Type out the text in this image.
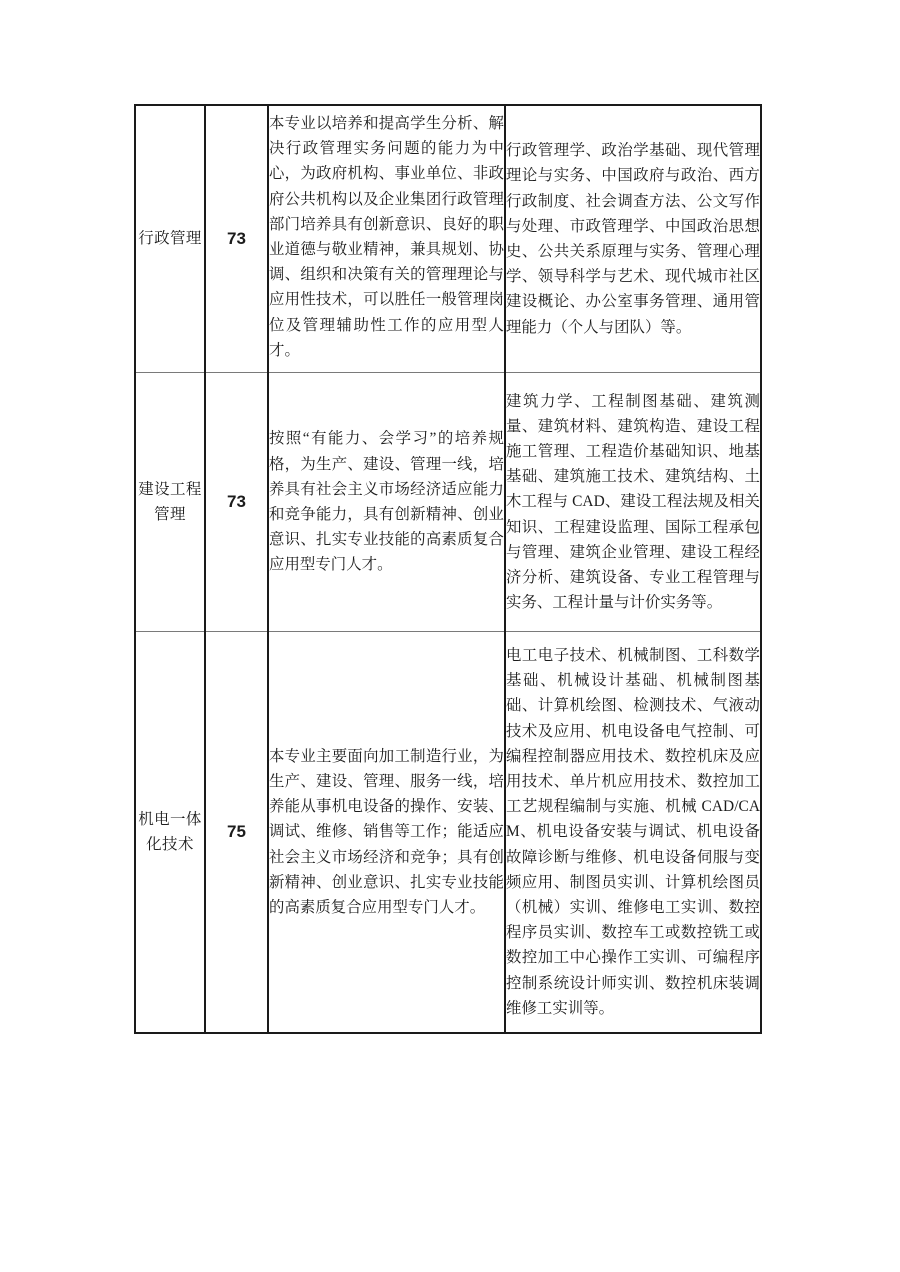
行政管理	73	本专业以培养和提高学生分析、解决行政管理实务问题的能力为中心，为政府机构、事业单位、非政府公共机构以及企业集团行政管理部门培养具有创新意识、良好的职业道德与敬业精神，兼具规划、协调、组织和决策有关的管理理论与应用性技术，可以胜任一般管理岗位及管理辅助性工作的应用型人才。	行政管理学、政治学基础、现代管理理论与实务、中国政府与政治、西方行政制度、社会调查方法、公文写作与处理、市政管理学、中国政治思想史、公共关系原理与实务、管理心理学、领导科学与艺术、现代城市社区建设概论、办公室事务管理、通用管理能力（个人与团队）等。

建设工程管理	73	按照“有能力、会学习”的培养规格，为生产、建设、管理一线，培养具有社会主义市场经济适应能力和竞争能力，具有创新精神、创业意识、扎实专业技能的高素质复合应用型专门人才。	建筑力学、工程制图基础、建筑测量、建筑材料、建筑构造、建设工程施工管理、工程造价基础知识、地基基础、建筑施工技术、建筑结构、土木工程与 CAD、建设工程法规及相关知识、工程建设监理、国际工程承包与管理、建筑企业管理、建设工程经济分析、建筑设备、专业工程管理与实务、工程计量与计价实务等。

机电一体化技术	75	本专业主要面向加工制造行业，为生产、建设、管理、服务一线，培养能从事机电设备的操作、安装、调试、维修、销售等工作；能适应社会主义市场经济和竞争；具有创新精神、创业意识、扎实专业技能的高素质复合应用型专门人才。	电工电子技术、机械制图、工科数学基础、机械设计基础、机械制图基础、计算机绘图、检测技术、气液动技术及应用、机电设备电气控制、可编程控制器应用技术、数控机床及应用技术、单片机应用技术、数控加工工艺规程编制与实施、机械 CAD/CAM、机电设备安装与调试、机电设备故障诊断与维修、机电设备伺服与变频应用、制图员实训、计算机绘图员（机械）实训、维修电工实训、数控程序员实训、数控车工或数控铣工或数控加工中心操作工实训、可编程序控制系统设计师实训、数控机床装调维修工实训等。
